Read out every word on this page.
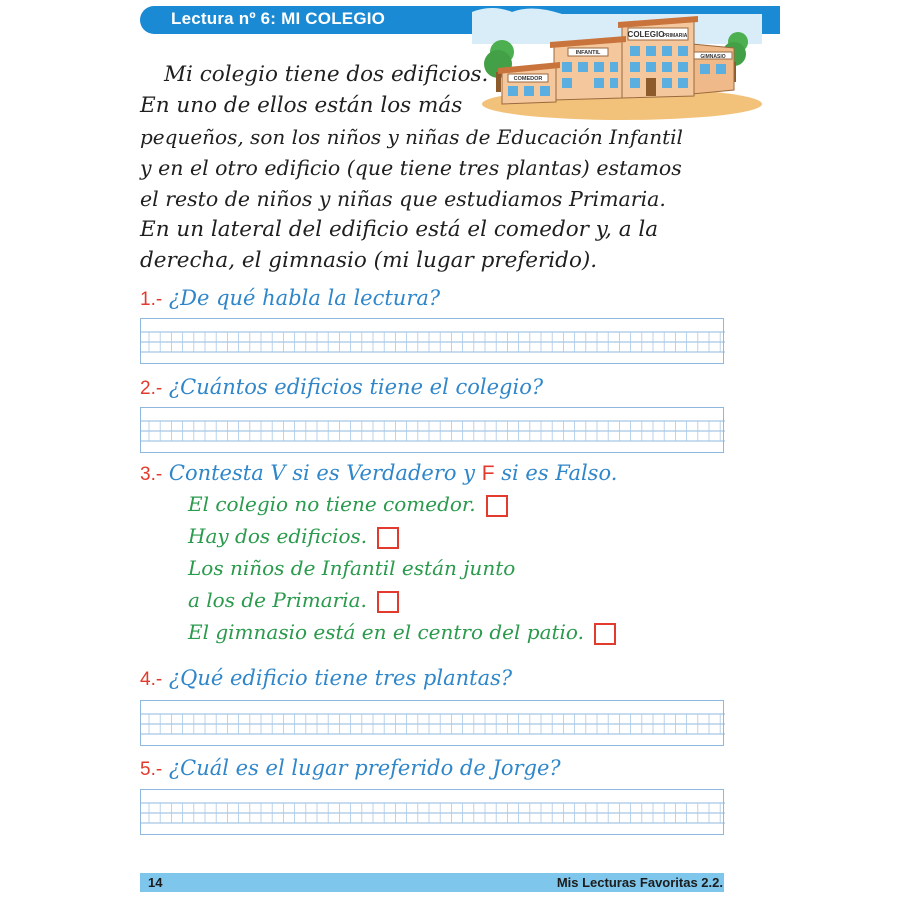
Lectura nº 6: MI COLEGIO
GIMNASIO
COLEGIO
PRIMARIA
INFANTIL
COMEDOR
Mi colegio tiene dos edificios.
En uno de ellos están los más
pequeños, son los niños y niñas de Educación Infantil
y en el otro edificio (que tiene tres plantas) estamos
el resto de niños y niñas que estudiamos Primaria.
En un lateral del edificio está el comedor y, a la
derecha, el gimnasio (mi lugar preferido).
1.- ¿De qué habla la lectura?
2.- ¿Cuántos edificios tiene el colegio?
3.- Contesta V si es Verdadero y F si es Falso.
El colegio no tiene comedor.
Hay dos edificios.
Los niños de Infantil están junto
a los de Primaria.
El gimnasio está en el centro del patio.
4.- ¿Qué edificio tiene tres plantas?
5.- ¿Cuál es el lugar preferido de Jorge?
14	Mis Lecturas Favoritas 2.2.
